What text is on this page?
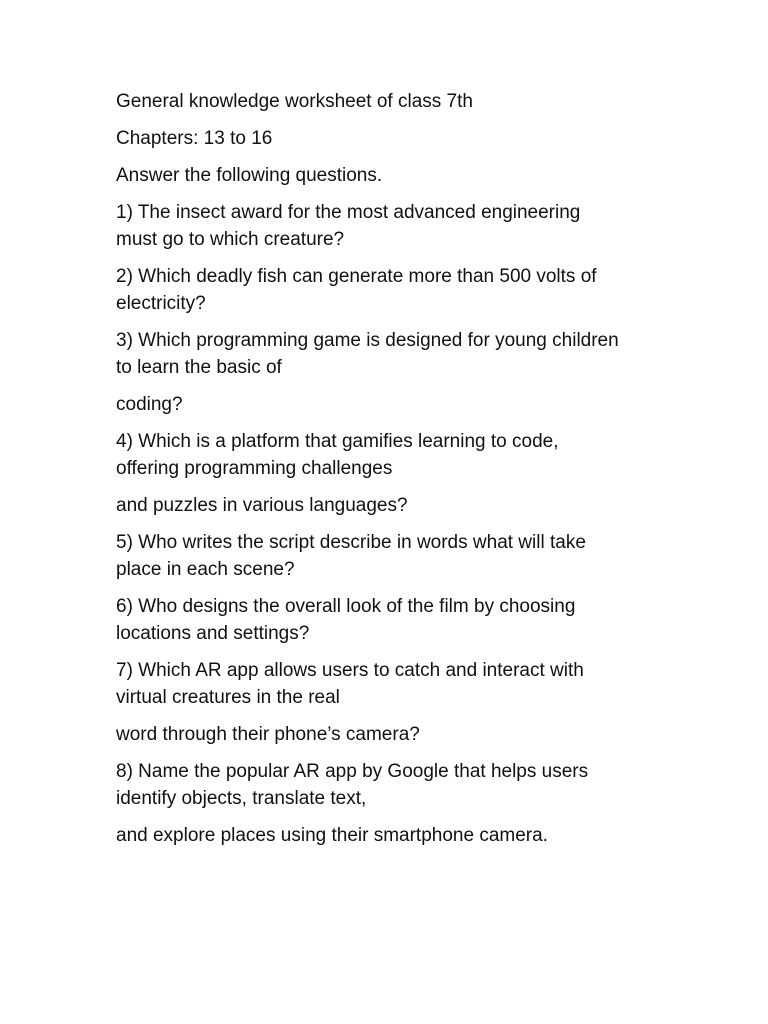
General knowledge worksheet of class 7th

Chapters: 13 to 16

Answer the following questions.

1) The insect award for the most advanced engineering
must go to which creature?

2) Which deadly fish can generate more than 500 volts of
electricity?

3) Which programming game is designed for young children
to learn the basic of

coding?

4) Which is a platform that gamifies learning to code,
offering programming challenges

and puzzles in various languages?

5) Who writes the script describe in words what will take
place in each scene?

6) Who designs the overall look of the film by choosing
locations and settings?

7) Which AR app allows users to catch and interact with
virtual creatures in the real

word through their phone’s camera?

8) Name the popular AR app by Google that helps users
identify objects, translate text,

and explore places using their smartphone camera.
